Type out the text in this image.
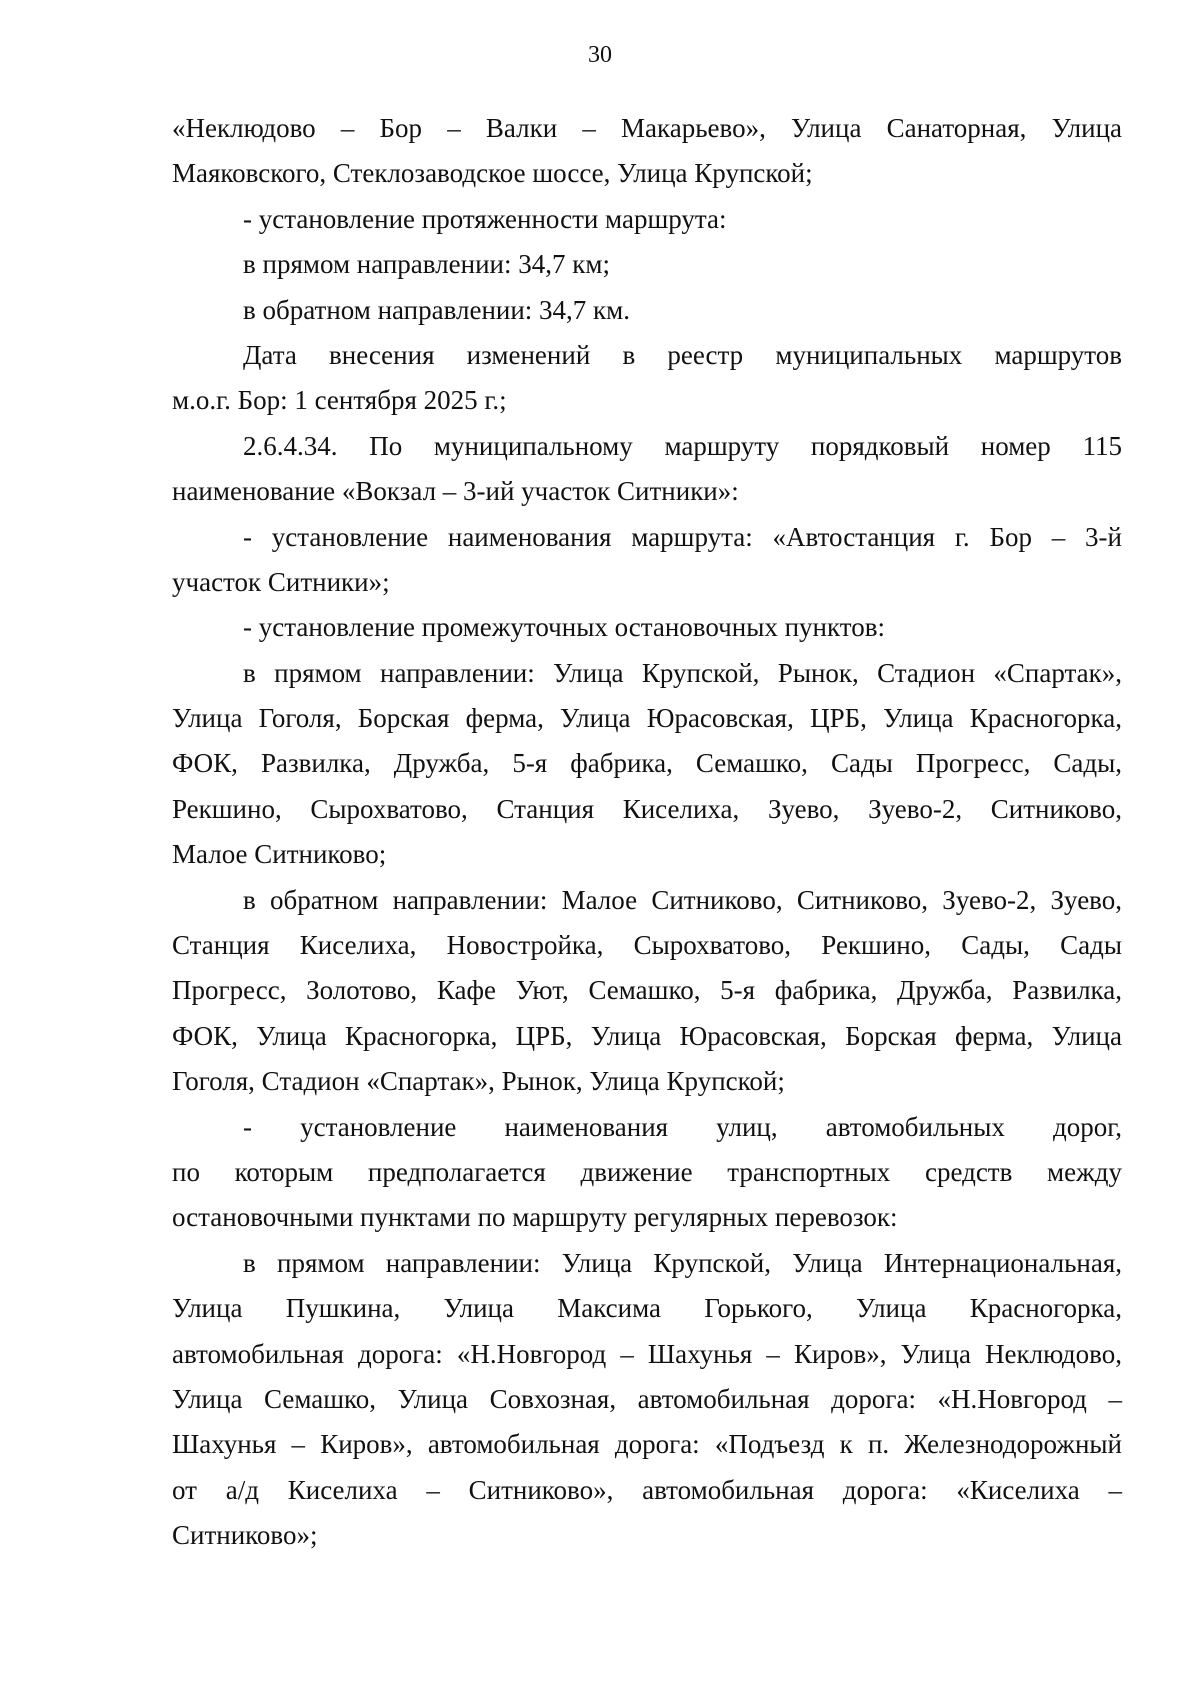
30
«Неклюдово – Бор – Валки – Макарьево», Улица Санаторная, Улица
Маяковского, Стеклозаводское шоссе, Улица Крупской;
- установление протяженности маршрута:
в прямом направлении: 34,7 км;
в обратном направлении: 34,7 км.
Дата внесения изменений в реестр муниципальных маршрутов
м.о.г. Бор: 1 сентября 2025 г.;
2.6.4.34. По муниципальному маршруту порядковый номер 115
наименование «Вокзал – 3-ий участок Ситники»:
- установление наименования маршрута: «Автостанция г. Бор – 3-й
участок Ситники»;
- установление промежуточных остановочных пунктов:
в прямом направлении: Улица Крупской, Рынок, Стадион «Спартак»,
Улица Гоголя, Борская ферма, Улица Юрасовская, ЦРБ, Улица Красногорка,
ФОК, Развилка, Дружба, 5-я фабрика, Семашко, Сады Прогресс, Сады,
Рекшино, Сырохватово, Станция Киселиха, Зуево, Зуево-2, Ситниково,
Малое Ситниково;
в обратном направлении: Малое Ситниково, Ситниково, Зуево-2, Зуево,
Станция Киселиха, Новостройка, Сырохватово, Рекшино, Сады, Сады
Прогресс, Золотово, Кафе Уют, Семашко, 5-я фабрика, Дружба, Развилка,
ФОК, Улица Красногорка, ЦРБ, Улица Юрасовская, Борская ферма, Улица
Гоголя, Стадион «Спартак», Рынок, Улица Крупской;
- установление наименования улиц, автомобильных дорог,
по которым предполагается движение транспортных средств между
остановочными пунктами по маршруту регулярных перевозок:
в прямом направлении: Улица Крупской, Улица Интернациональная,
Улица Пушкина, Улица Максима Горького, Улица Красногорка,
автомобильная дорога: «Н.Новгород – Шахунья – Киров», Улица Неклюдово,
Улица Семашко, Улица Совхозная, автомобильная дорога: «Н.Новгород –
Шахунья – Киров», автомобильная дорога: «Подъезд к п. Железнодорожный
от а/д Киселиха – Ситниково», автомобильная дорога: «Киселиха –
Ситниково»;
